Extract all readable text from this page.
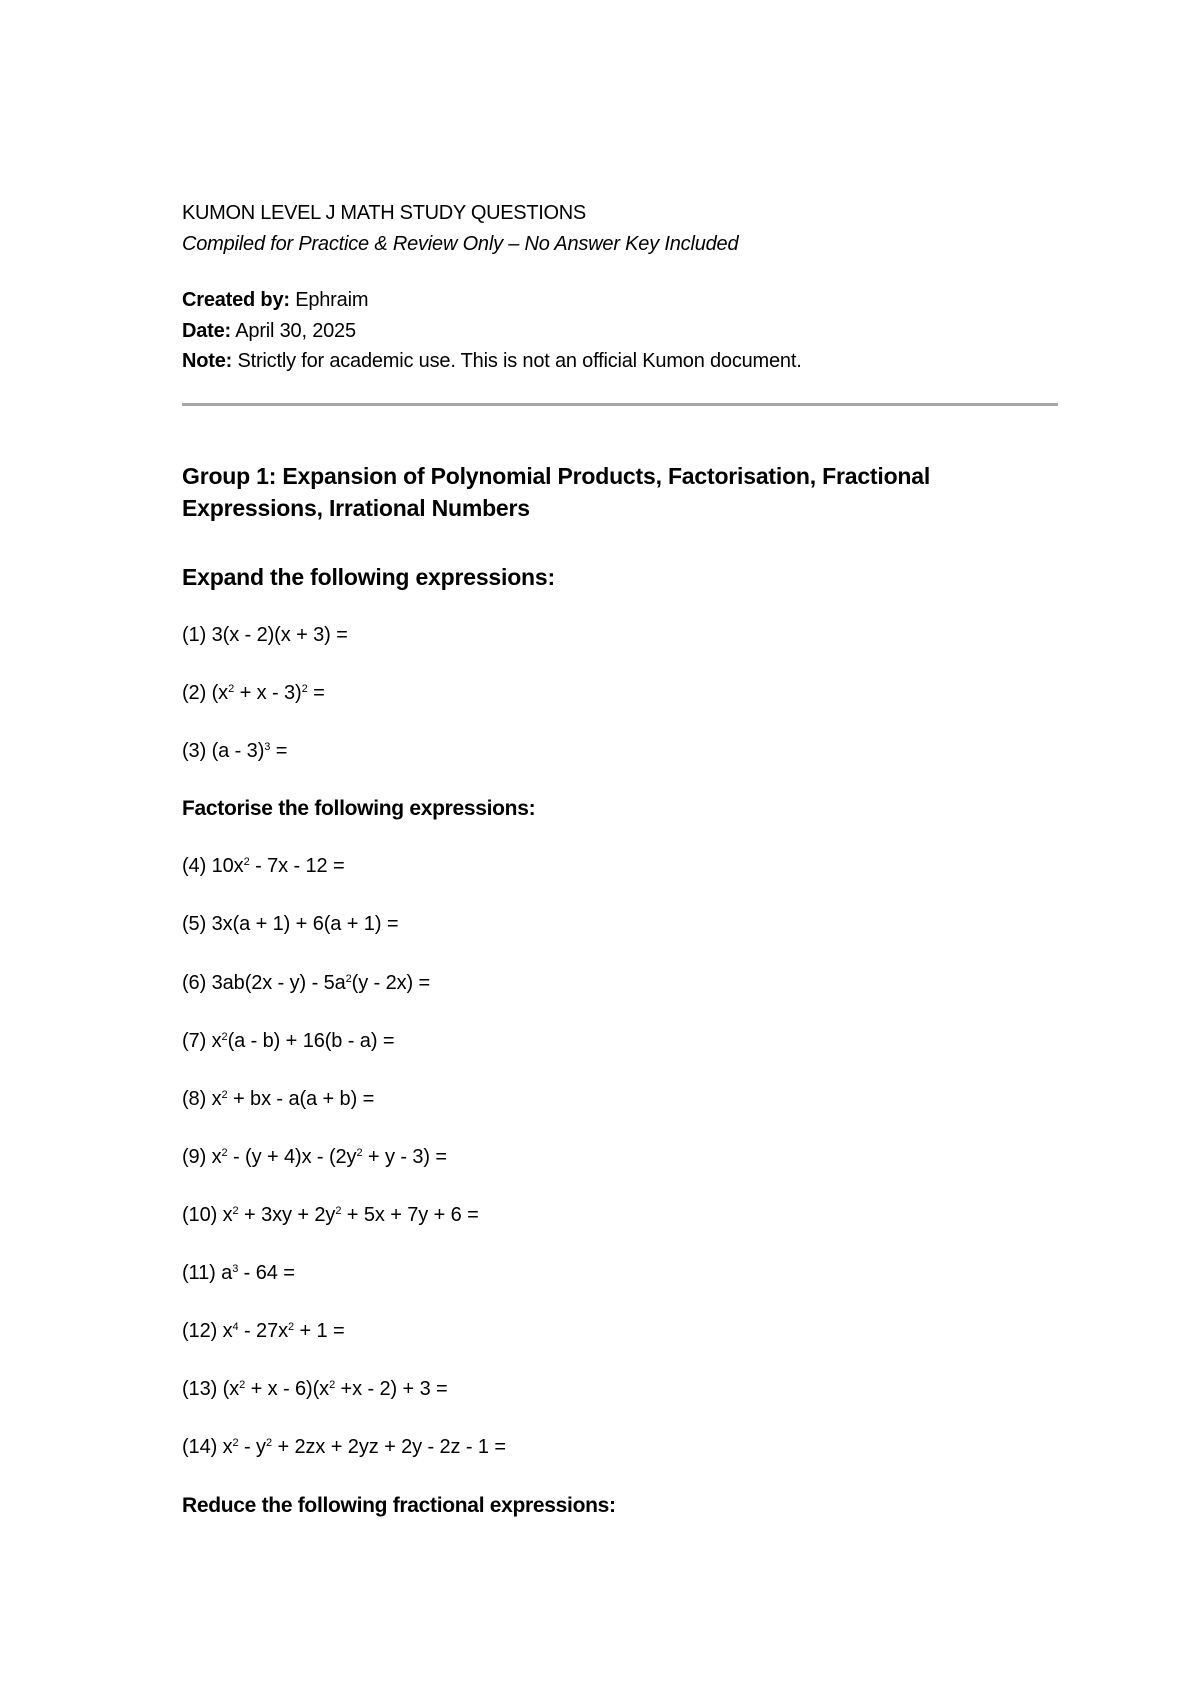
KUMON LEVEL J MATH STUDY QUESTIONS
Compiled for Practice & Review Only – No Answer Key Included
Created by: Ephraim
Date: April 30, 2025
Note: Strictly for academic use. This is not an official Kumon document.
Group 1: Expansion of Polynomial Products, Factorisation, Fractional Expressions, Irrational Numbers
Expand the following expressions:
(1) 3(x - 2)(x + 3) =
(2) $(x^2 + x - 3)^2$ =
(3) (a - 3)$^3$ =
Factorise the following expressions:
(4) $10x^2 - 7x - 12$ =
(5) 3x(a + 1) + 6(a + 1) =
(6) $3ab(2x - y) - 5a^2(y - 2x)$ =
(7) $x^2(a - b) + 16(b - a)$ =
(8) $x^2$ + bx - a(a + b) =
(9) $x^2 - (y + 4)x - (2y^2 + y - 3)$ =
(10) $x^2 + 3xy + 2y^2 + 5x + 7y + 6$ =
(11) $a^3 - 64$ =
(12) $x^4 - 27x^2 + 1$ =
(13) $(x^2 + x - 6)(x^2 +x - 2) + 3$ =
(14) $x^2 - y^2 + 2zx + 2yz + 2y - 2z - 1$ =
Reduce the following fractional expressions:
